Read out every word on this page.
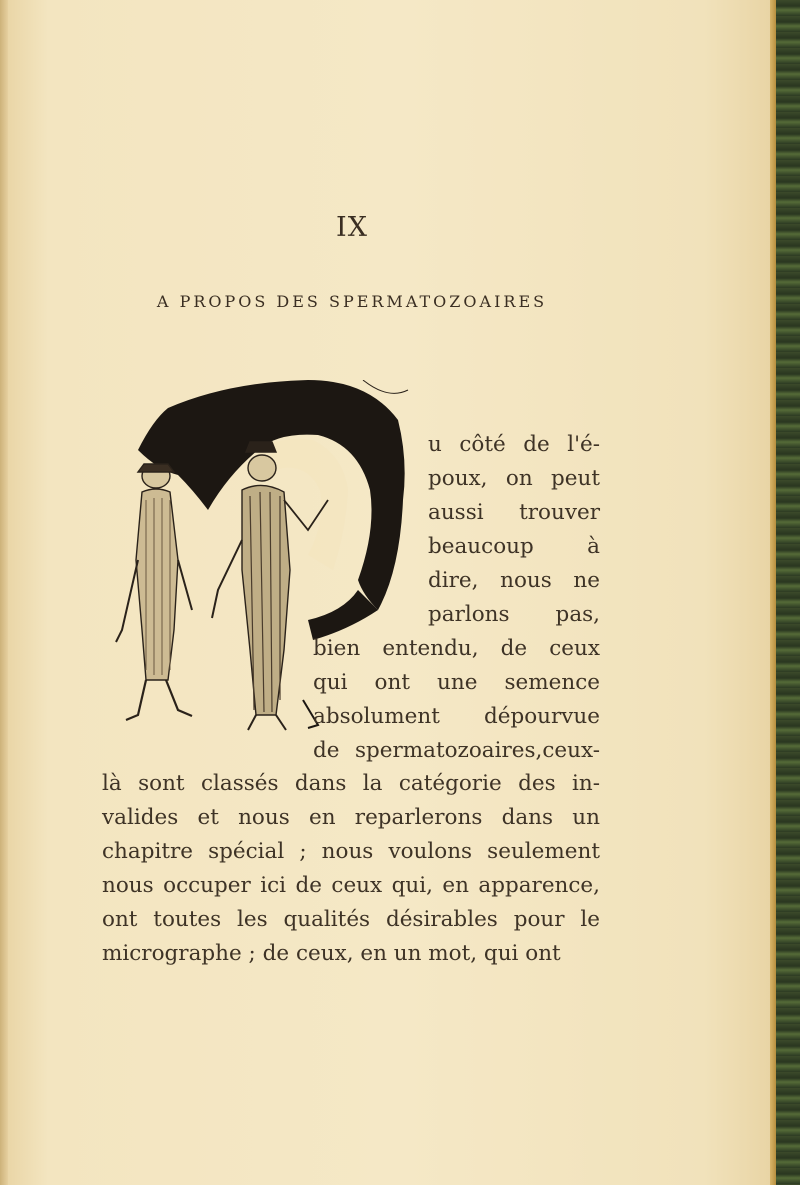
IX
A PROPOS DES SPERMATOZOAIRES
u côté de l'é-
poux, on peut
aussi trouver
beaucoup à
dire, nous ne
parlons pas,
bien entendu, de ceux
qui ont une semence
absolument dépourvue
de spermatozoaires,ceux-
là sont classés dans la catégorie des in-
valides et nous en reparlerons dans un
chapitre spécial ; nous voulons seulement
nous occuper ici de ceux qui, en apparence,
ont toutes les qualités désirables pour le
micrographe ; de ceux, en un mot, qui ont
